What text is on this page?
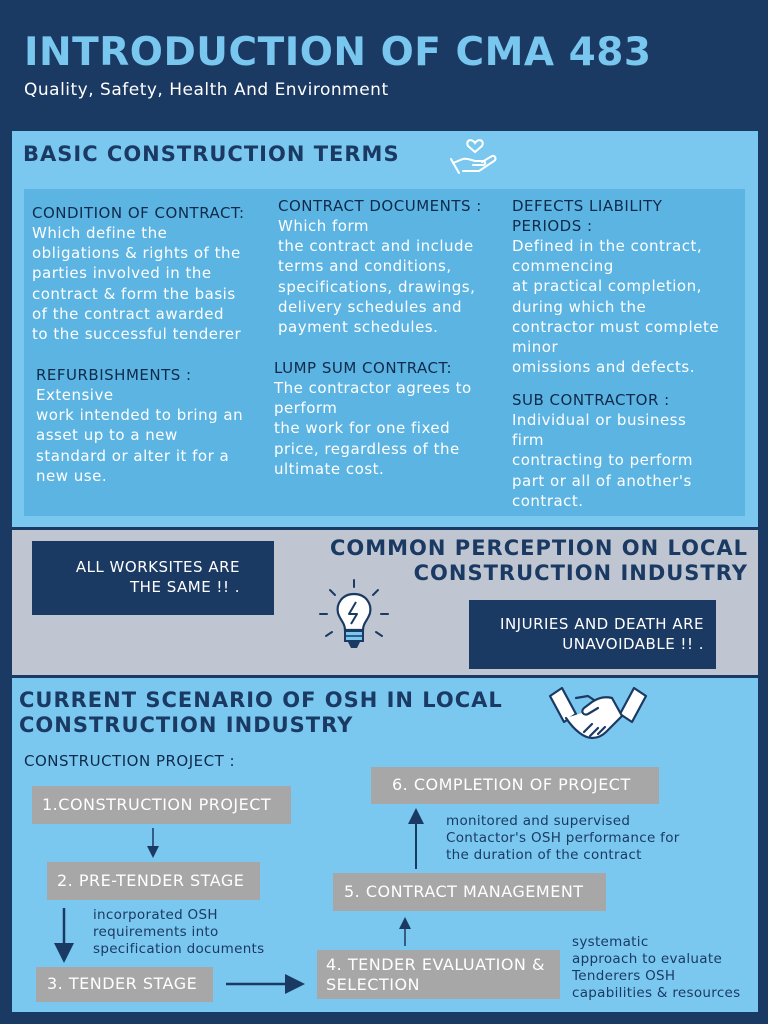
INTRODUCTION OF CMA 483
Quality, Safety, Health And Environment
BASIC CONSTRUCTION TERMS
CONDITION OF CONTRACT:
Which define the
obligations & rights of the
parties involved in the
contract & form the basis
of the contract awarded
to the successful tenderer
REFURBISHMENTS :
Extensive
work intended to bring an
asset up to a new
standard or alter it for a
new use.
CONTRACT DOCUMENTS :
Which form
the contract and include
terms and conditions,
specifications, drawings,
delivery schedules and
payment schedules.
LUMP SUM CONTRACT:
The contractor agrees to
perform
the work for one fixed
price, regardless of the
ultimate cost.
DEFECTS LIABILITY
PERIODS :
Defined in the contract,
commencing
at practical completion,
during which the
contractor must complete
minor
omissions and defects.
SUB CONTRACTOR :
Individual or business
firm
contracting to perform
part or all of another's
contract.
COMMON PERCEPTION ON LOCAL
CONSTRUCTION INDUSTRY
ALL WORKSITES ARE
THE SAME !! .
INJURIES AND DEATH ARE
UNAVOIDABLE !! .
CURRENT SCENARIO OF OSH IN LOCAL
CONSTRUCTION INDUSTRY
CONSTRUCTION PROJECT :
1.CONSTRUCTION PROJECT
2. PRE-TENDER STAGE
3. TENDER STAGE
4. TENDER EVALUATION &
SELECTION
5. CONTRACT MANAGEMENT
6. COMPLETION OF PROJECT
incorporated OSH
requirements into
specification documents	systematic
approach to evaluate
Tenderers OSH
capabilities & resources
monitored and supervised
Contactor's OSH performance for
the duration of the contract
